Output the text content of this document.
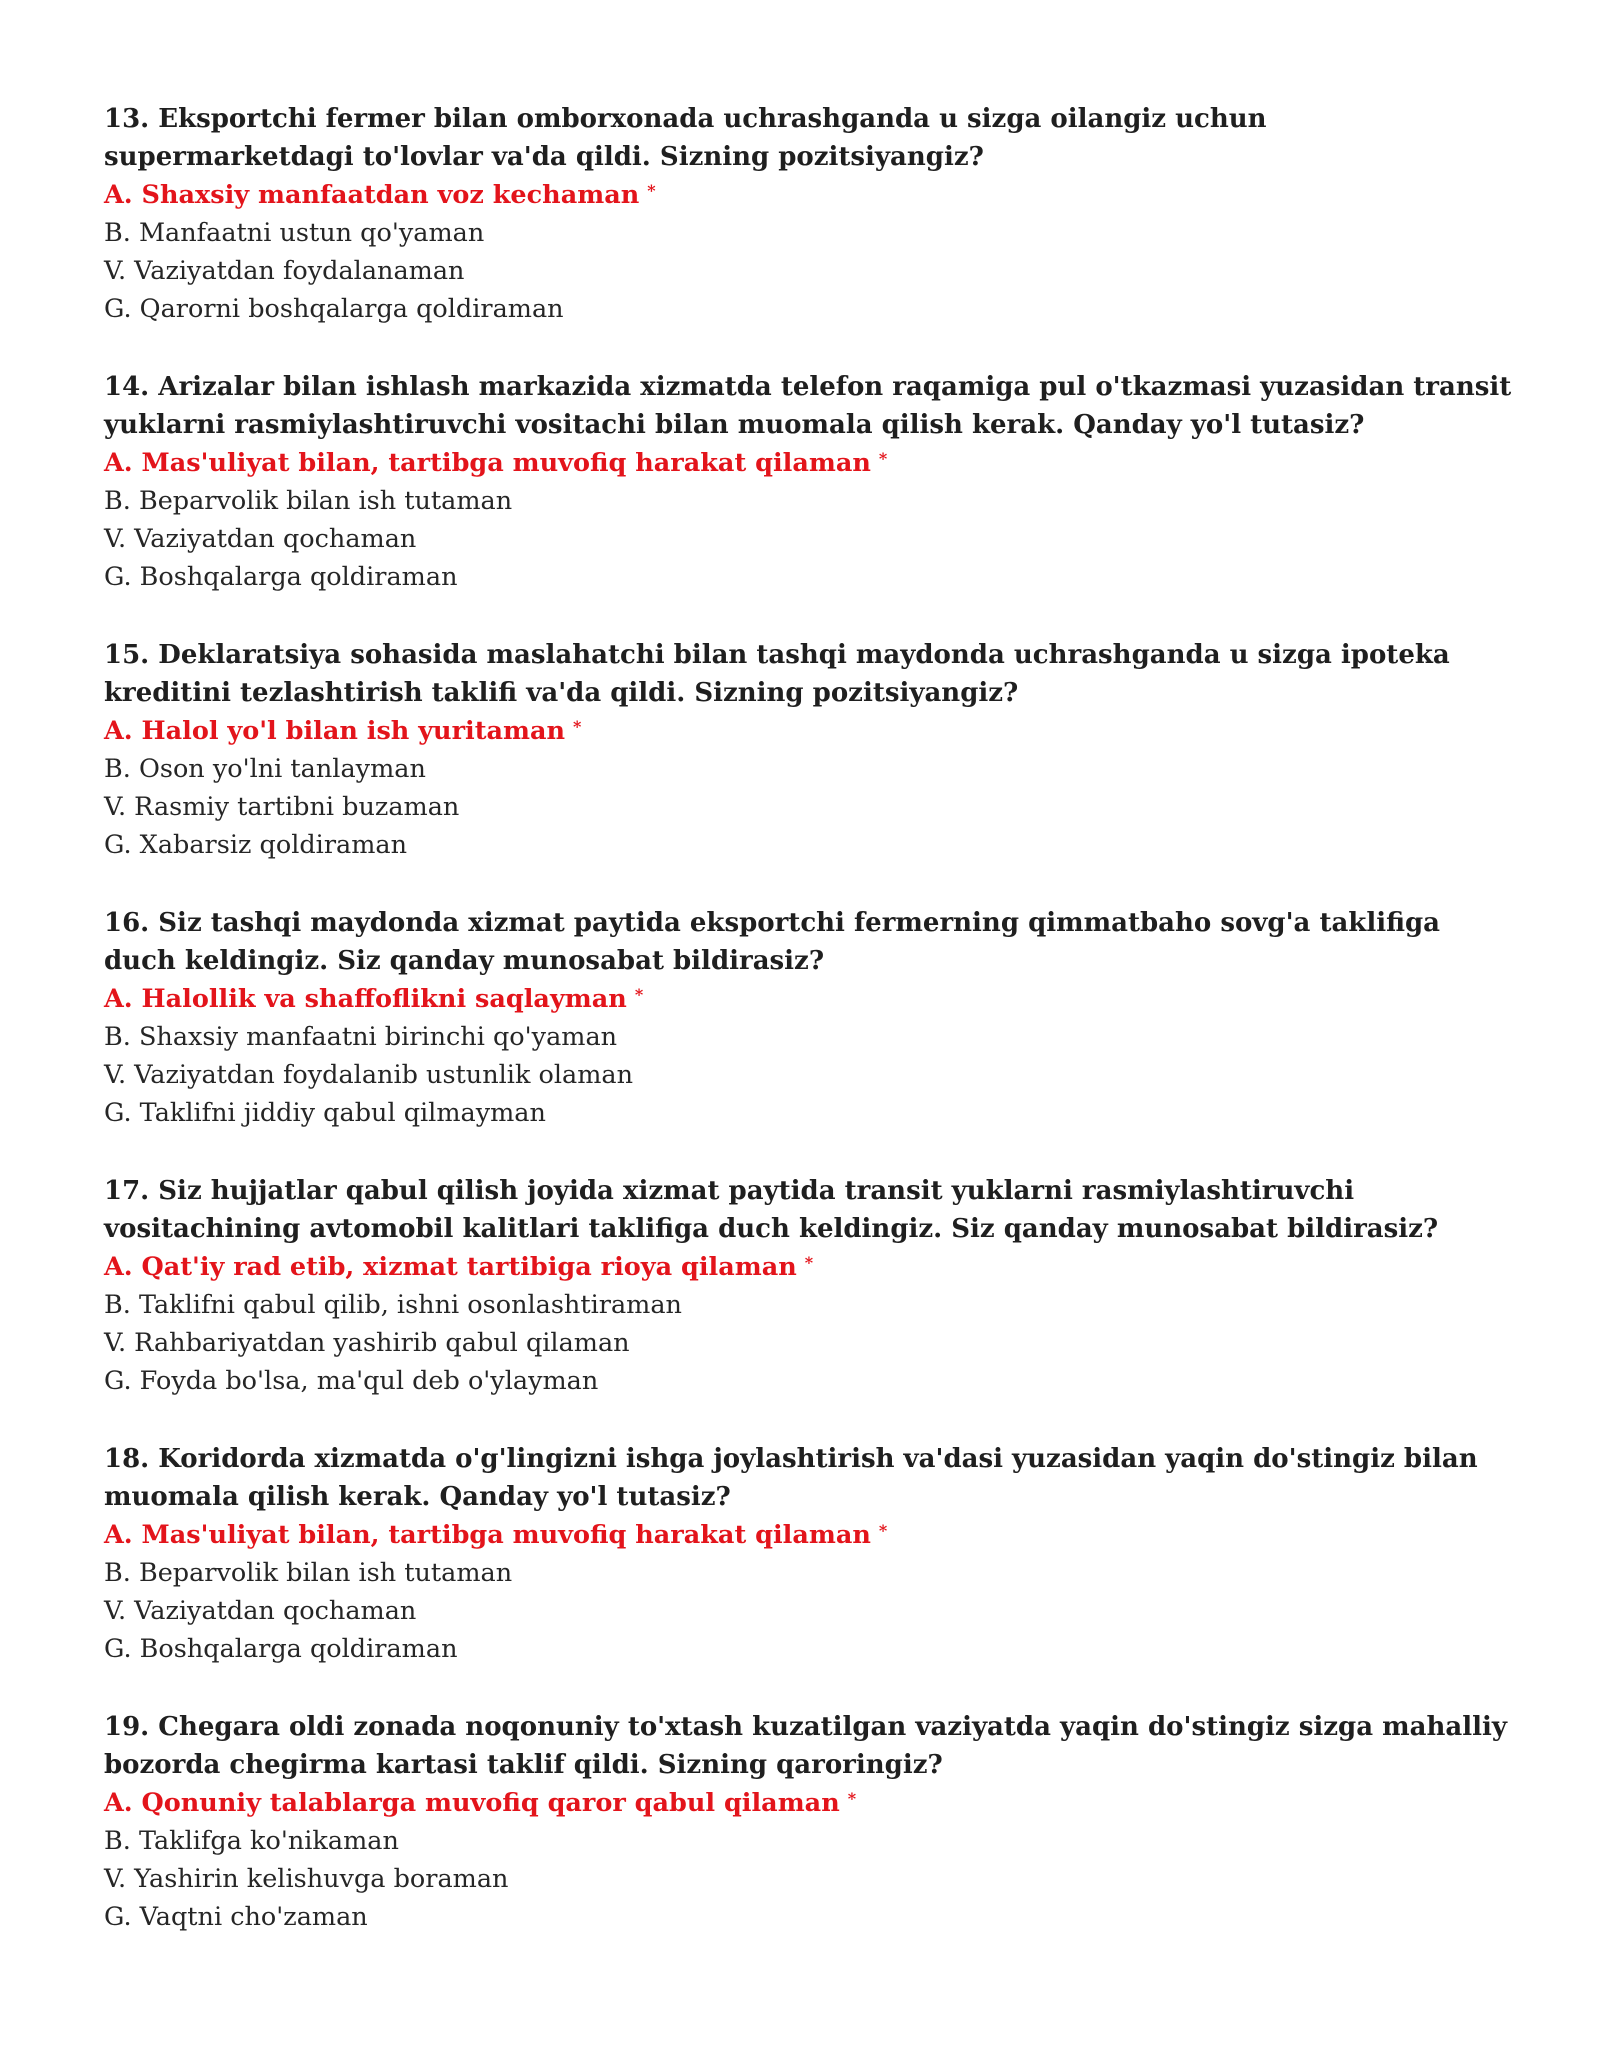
13. Eksportchi fermer bilan omborxonada uchrashganda u sizga oilangiz uchun supermarketdagi to'lovlar va'da qildi. Sizning pozitsiyangiz?

A. Shaxsiy manfaatdan voz kechaman *

B. Manfaatni ustun qo'yaman

V. Vaziyatdan foydalanaman

G. Qarorni boshqalarga qoldiraman

14. Arizalar bilan ishlash markazida xizmatda telefon raqamiga pul o'tkazmasi yuzasidan transit yuklarni rasmiylashtiruvchi vositachi bilan muomala qilish kerak. Qanday yo'l tutasiz?

A. Mas'uliyat bilan, tartibga muvofiq harakat qilaman *

B. Beparvolik bilan ish tutaman

V. Vaziyatdan qochaman

G. Boshqalarga qoldiraman

15. Deklaratsiya sohasida maslahatchi bilan tashqi maydonda uchrashganda u sizga ipoteka kreditini tezlashtirish taklifi va'da qildi. Sizning pozitsiyangiz?

A. Halol yo'l bilan ish yuritaman *

B. Oson yo'lni tanlayman

V. Rasmiy tartibni buzaman

G. Xabarsiz qoldiraman

16. Siz tashqi maydonda xizmat paytida eksportchi fermerning qimmatbaho sovg'a taklifiga duch keldingiz. Siz qanday munosabat bildirasiz?

A. Halollik va shaffoflikni saqlayman *

B. Shaxsiy manfaatni birinchi qo'yaman

V. Vaziyatdan foydalanib ustunlik olaman

G. Taklifni jiddiy qabul qilmayman

17. Siz hujjatlar qabul qilish joyida xizmat paytida transit yuklarni rasmiylashtiruvchi vositachining avtomobil kalitlari taklifiga duch keldingiz. Siz qanday munosabat bildirasiz?

A. Qat'iy rad etib, xizmat tartibiga rioya qilaman *

B. Taklifni qabul qilib, ishni osonlashtiraman

V. Rahbariyatdan yashirib qabul qilaman

G. Foyda bo'lsa, ma'qul deb o'ylayman

18. Koridorda xizmatda o'g'lingizni ishga joylashtirish va'dasi yuzasidan yaqin do'stingiz bilan muomala qilish kerak. Qanday yo'l tutasiz?

A. Mas'uliyat bilan, tartibga muvofiq harakat qilaman *

B. Beparvolik bilan ish tutaman

V. Vaziyatdan qochaman

G. Boshqalarga qoldiraman

19. Chegara oldi zonada noqonuniy to'xtash kuzatilgan vaziyatda yaqin do'stingiz sizga mahalliy bozorda chegirma kartasi taklif qildi. Sizning qaroringiz?

A. Qonuniy talablarga muvofiq qaror qabul qilaman *

B. Taklifga ko'nikaman

V. Yashirin kelishuvga boraman

G. Vaqtni cho'zaman
